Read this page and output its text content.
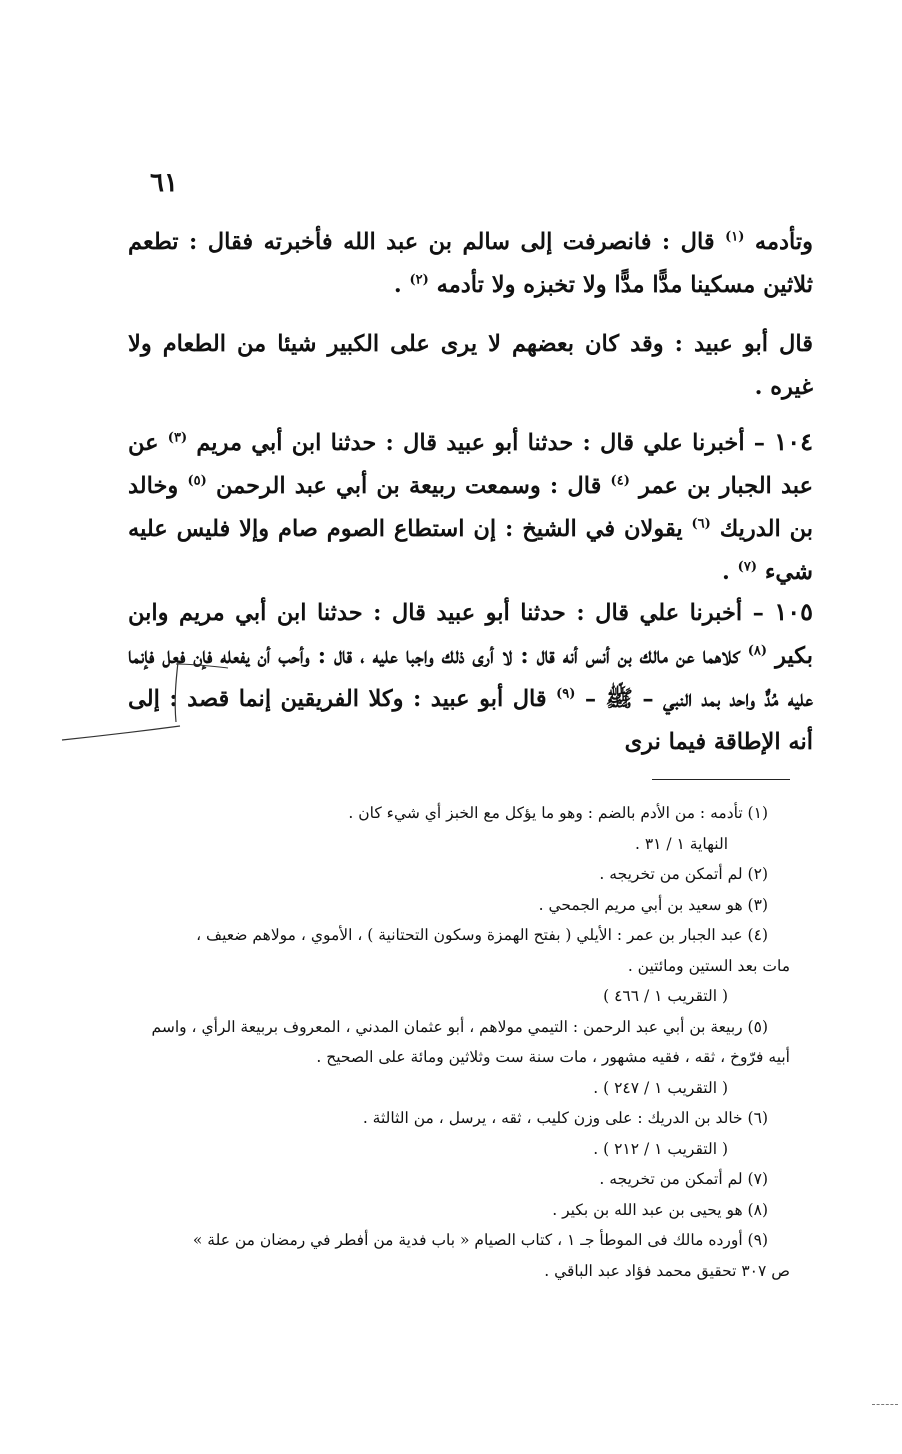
٦١

وتأدمه $^{(١)}$ قال : فانصرفت إلى سالم بن عبد الله فأخبرته فقال : تطعم ثلاثين مسكينا مدًّا مدًّا ولا تخبزه ولا تأدمه $^{(٢)}$ .

قال أبو عبيد : وقد كان بعضهم لا يرى على الكبير شيئا من الطعام ولا غيره .

١٠٤ – أخبرنا علي قال : حدثنا أبو عبيد قال : حدثنا ابن أبي مريم $^{(٣)}$ عن عبد الجبار بن عمر $^{(٤)}$ قال : وسمعت ربيعة بن أبي عبد الرحمن $^{(٥)}$ وخالد بن الدريك $^{(٦)}$ يقولان في الشيخ : إن استطاع الصوم صام وإلا فليس عليه شيء $^{(٧)}$ .

١٠٥ – أخبرنا علي قال : حدثنا أبو عبيد قال : حدثنا ابن أبي مريم وابن بكير $^{(٨)}$ كلاهما عن مالك بن أنس أنه قال : لا أرى ذلك واجبا عليه ، قال : وأحب أن يفعله فإن فعل فإنما عليه مُدٌّ واحد بمد النبي – ﷺ – $^{(٩)}$ قال أبو عبيد : وكلا الفريقين إنما قصد : إلى أنه الإطاقة فيما نرى

(١) تأدمه : من الأدم بالضم : وهو ما يؤكل مع الخبز أي شيء كان .

النهاية ١ / ٣١ .

(٢) لم أتمكن من تخريجه .

(٣) هو سعيد بن أبي مريم الجمحي .

(٤) عبد الجبار بن عمر : الأيلي ( بفتح الهمزة وسكون التحتانية ) ، الأموي ، مولاهم ضعيف ،

مات بعد الستين ومائتين .

( التقريب ١ / ٤٦٦ )

(٥) ربيعة بن أبي عبد الرحمن : التيمي مولاهم ، أبو عثمان المدني ، المعروف بربيعة الرأي ، واسم

أبيه فرّوخ ، ثقه ، فقيه مشهور ، مات سنة ست وثلاثين ومائة على الصحيح .

( التقريب ١ / ٢٤٧ ) .

(٦) خالد بن الدريك : على وزن كليب ، ثقه ، يرسل ، من الثالثة .

( التقريب ١ / ٢١٢ ) .

(٧) لم أتمكن من تخريجه .

(٨) هو يحيى بن عبد الله بن بكير .

(٩) أورده مالك فى الموطأ جـ ١ ، كتاب الصيام « باب فدية من أفطر في رمضان من علة »

ص ٣٠٧ تحقيق محمد فؤاد عبد الباقي .
